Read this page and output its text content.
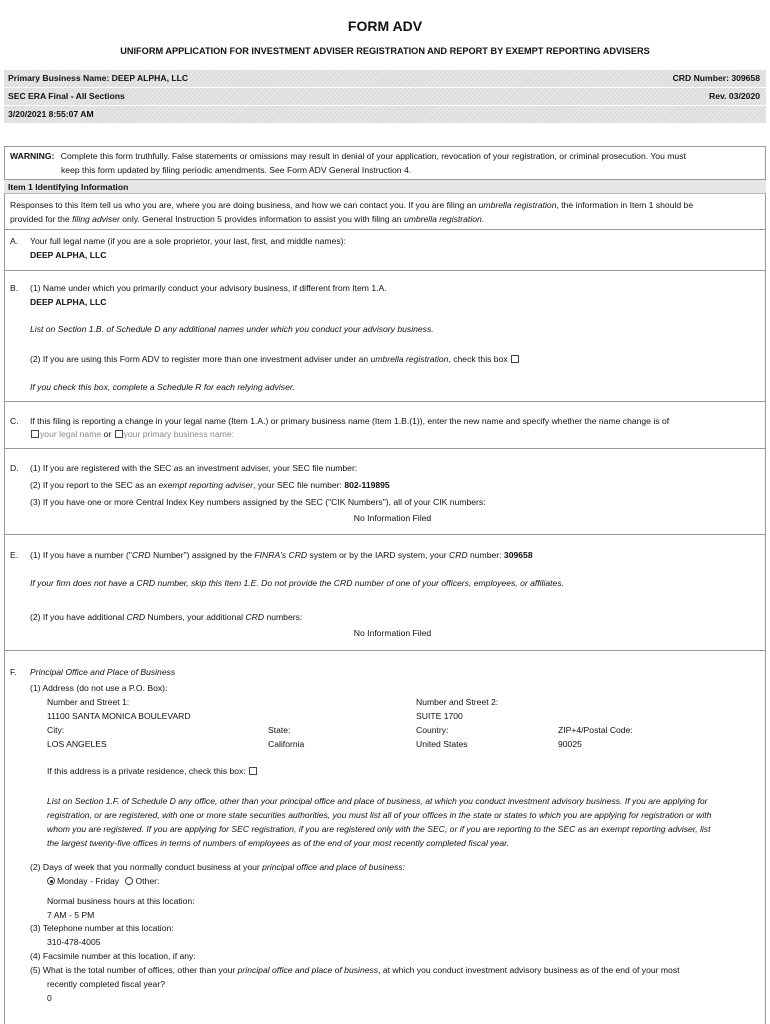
FORM ADV
UNIFORM APPLICATION FOR INVESTMENT ADVISER REGISTRATION AND REPORT BY EXEMPT REPORTING ADVISERS
Primary Business Name: DEEP ALPHA, LLC	CRD Number: 309658
SEC ERA Final - All Sections	Rev. 03/2020
3/20/2021 8:55:07 AM
WARNING: Complete this form truthfully. False statements or omissions may result in denial of your application, revocation of your registration, or criminal prosecution. You must
keep this form updated by filing periodic amendments. See Form ADV General Instruction 4.
Item 1 Identifying Information
Responses to this Item tell us who you are, where you are doing business, and how we can contact you. If you are filing an umbrella registration, the information in Item 1 should be
provided for the filing adviser only. General Instruction 5 provides information to assist you with filing an umbrella registration.
A. Your full legal name (if you are a sole proprietor, your last, first, and middle names):
DEEP ALPHA, LLC
B. (1) Name under which you primarily conduct your advisory business, if different from Item 1.A.
DEEP ALPHA, LLC
List on Section 1.B. of Schedule D any additional names under which you conduct your advisory business.
(2) If you are using this Form ADV to register more than one investment adviser under an umbrella registration, check this box
If you check this box, complete a Schedule R for each relying adviser.
C. If this filing is reporting a change in your legal name (Item 1.A.) or primary business name (Item 1.B.(1)), enter the new name and specify whether the name change is of
your legal name or your primary business name:
D. (1) If you are registered with the SEC as an investment adviser, your SEC file number:
(2) If you report to the SEC as an exempt reporting adviser, your SEC file number: 802-119895
(3) If you have one or more Central Index Key numbers assigned by the SEC ("CIK Numbers"), all of your CIK numbers:
No Information Filed
E. (1) If you have a number ("CRD Number") assigned by the FINRA's CRD system or by the IARD system, your CRD number: 309658
If your firm does not have a CRD number, skip this Item 1.E. Do not provide the CRD number of one of your officers, employees, or affiliates.
(2) If you have additional CRD Numbers, your additional CRD numbers:
No Information Filed
F. Principal Office and Place of Business
(1) Address (do not use a P.O. Box):
Number and Street 1:
11100 SANTA MONICA BOULEVARD
Number and Street 2:
SUITE 1700
City:
LOS ANGELES
State:
California
Country:
United States
ZIP+4/Postal Code:
90025
If this address is a private residence, check this box:
List on Section 1.F. of Schedule D any office, other than your principal office and place of business, at which you conduct investment advisory business. If you are applying for
registration, or are registered, with one or more state securities authorities, you must list all of your offices in the state or states to which you are applying for registration or with
whom you are registered. If you are applying for SEC registration, if you are registered only with the SEC, or if you are reporting to the SEC as an exempt reporting adviser, list
the largest twenty-five offices in terms of numbers of employees as of the end of your most recently completed fiscal year.
(2) Days of week that you normally conduct business at your principal office and place of business:
Monday - Friday Other:
Normal business hours at this location:
7 AM - 5 PM
(3) Telephone number at this location:
310-478-4005
(4) Facsimile number at this location, if any:
(5) What is the total number of offices, other than your principal office and place of business, at which you conduct investment advisory business as of the end of your most
recently completed fiscal year?
0
